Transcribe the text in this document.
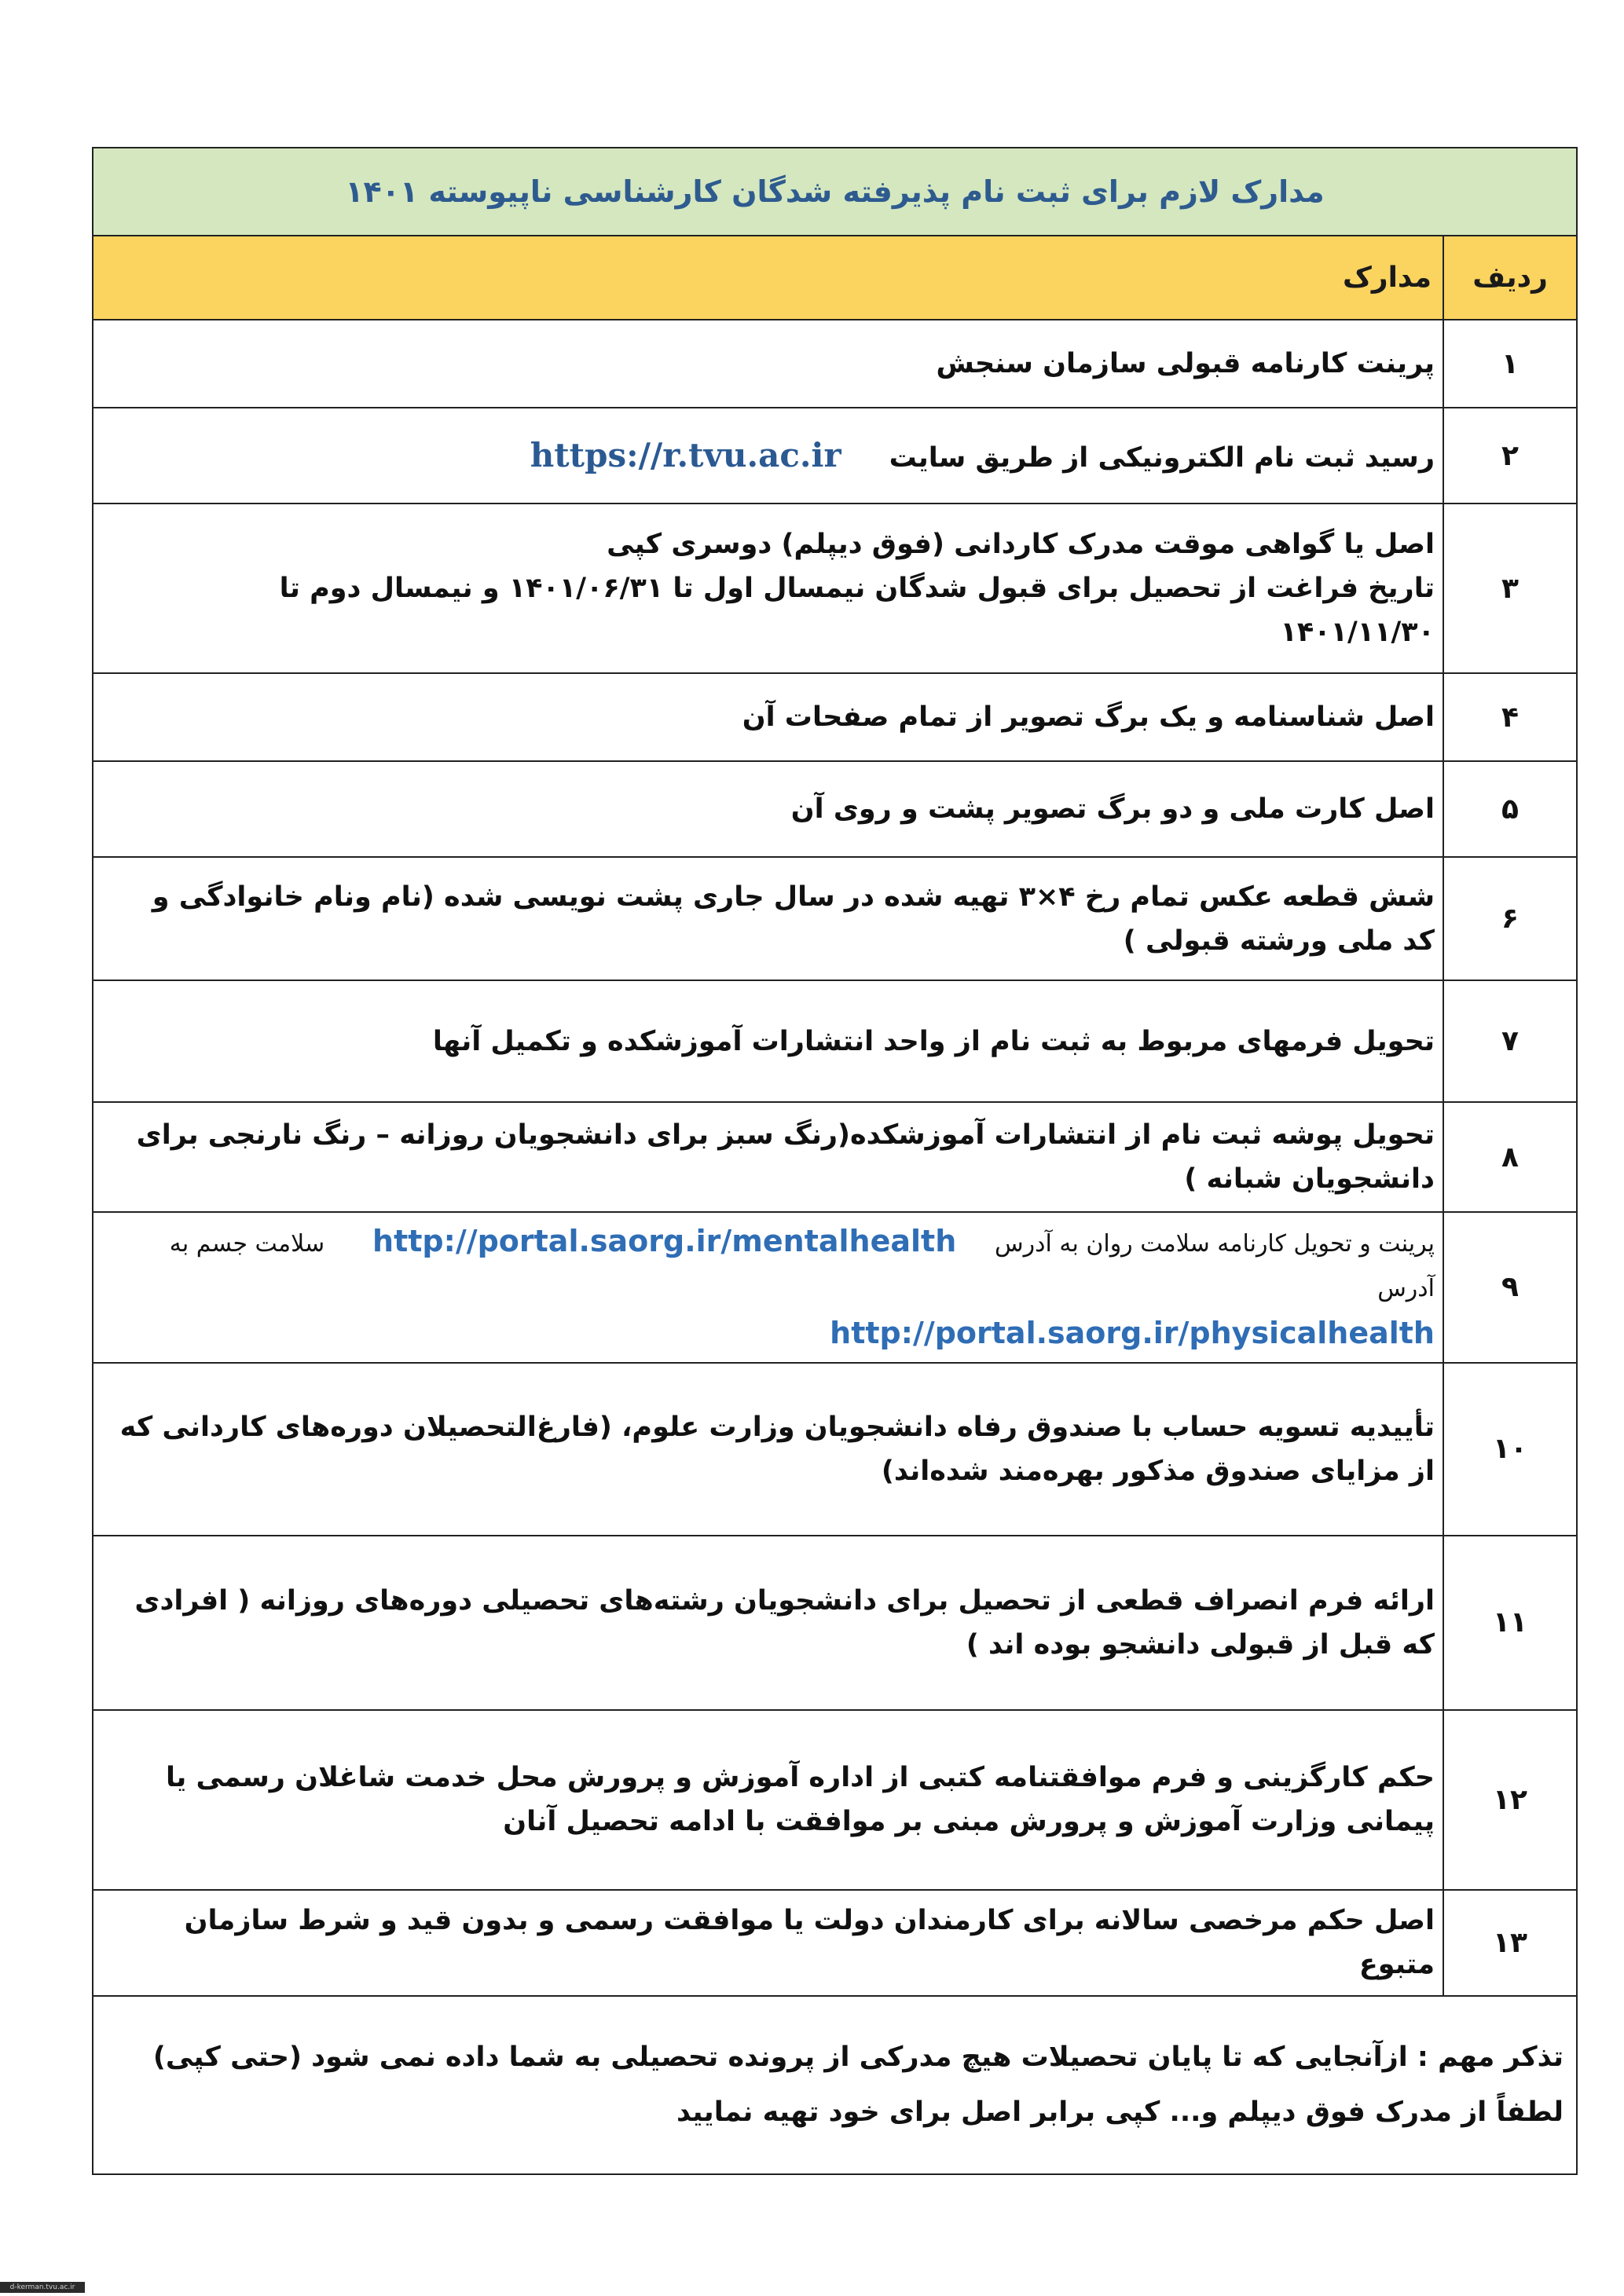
مدارک لازم برای ثبت نام پذیرفته شدگان کارشناسی ناپیوسته ۱۴۰۱	
ردیف	مدارک
۱	پرینت کارنامه قبولی سازمان سنجش
۲	رسید ثبت نام الکترونیکی از طریق سایت     https://r.tvu.ac.ir
۳	اصل یا گواهی موقت مدرک کاردانی (فوق دیپلم) دوسری کپی
تاریخ فراغت از تحصیل برای قبول شدگان نیمسال اول تا ۱۴۰۱/۰۶/۳۱ و نیمسال دوم تا ۱۴۰۱/۱۱/۳۰

۴	اصل شناسنامه و یک برگ تصویر از تمام صفحات آن
۵	اصل کارت ملی و دو برگ تصویر پشت و روی آن
۶	شش قطعه عکس تمام رخ ۴×۳ تهیه شده در سال جاری پشت نویسی شده (نام ونام خانوادگی و کد ملی ورشته قبولی )
۷	تحویل فرمهای مربوط به ثبت نام از واحد انتشارات آموزشکده و تکمیل آنها
۸	تحویل پوشه ثبت نام از انتشارات آموزشکده(رنگ سبز برای دانشجویان روزانه – رنگ نارنجی برای دانشجویان شبانه )
۹	پرینت و تحویل کارنامه سلامت روان به آدرس    http://portal.saorg.ir/mentalhealth     سلامت جسم به آدرس
http://portal.saorg.ir/physicalhealth

۱۰	تأییدیه تسویه حساب با صندوق رفاه دانشجویان وزارت علوم، (فارغ‌التحصیلان دوره‌های کاردانی که از مزایای صندوق مذکور بهره‌مند شده‌اند)
۱۱	ارائه فرم انصراف قطعی از تحصیل برای دانشجویان رشته‌های تحصیلی دوره‌های روزانه ( افرادی که قبل از قبولی دانشجو بوده اند )
۱۲	حکم کارگزینی و فرم موافقتنامه کتبی از اداره آموزش و پرورش محل خدمت شاغلان رسمی یا پیمانی وزارت آموزش و پرورش مبنی بر موافقت با ادامه تحصیل آنان
۱۳	اصل حکم مرخصی سالانه برای کارمندان دولت یا موافقت رسمی و بدون قید و شرط سازمان متبوع
تذکر مهم : ازآنجایی که تا پایان تحصیلات هیچ مدرکی از پرونده تحصیلی به شما داده نمی شود (حتی کپی) لطفاً از مدرک فوق دیپلم و... کپی برابر اصل برای خود تهیه نمایید	
d-kerman.tvu.ac.ir
